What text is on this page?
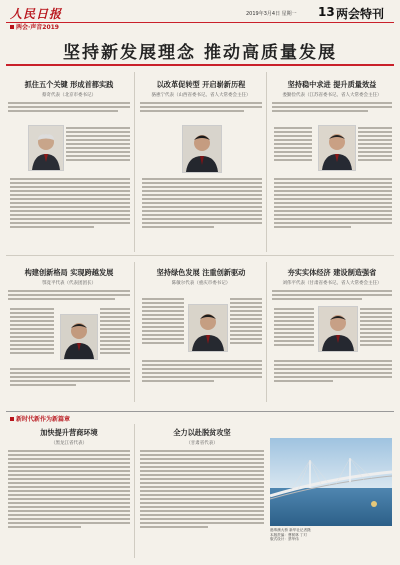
人民日报	2019年3月4日 星期一 13 两会特刊
两会·声音2019
坚持新发展理念 推动高质量发展
抓住五个关键 形成首都实践
蔡奇代表（北京市委书记）
以改革促转型 开启崭新历程
骆惠宁代表（山西省委书记、省人大常委会主任）
坚持稳中求进 提升质量效益
娄勤俭代表（江苏省委书记、省人大常委会主任）
构建创新格局 实现跨越发展
鄂竟平代表（代表团团长）
坚持绿色发展 注重创新驱动
陈敏尔代表（重庆市委书记）
夯实实体经济 建设制造强省
刘伟平代表（甘肃省委书记、省人大常委会主任）
新时代新作为新篇章
加快提升营商环境
（黑龙江省代表）
全力以赴脱贫攻坚
（甘肃省代表）
港珠澳大桥 新华社记者摄
本版责编：曹树林 丁玎
版式设计：蔡华伟
